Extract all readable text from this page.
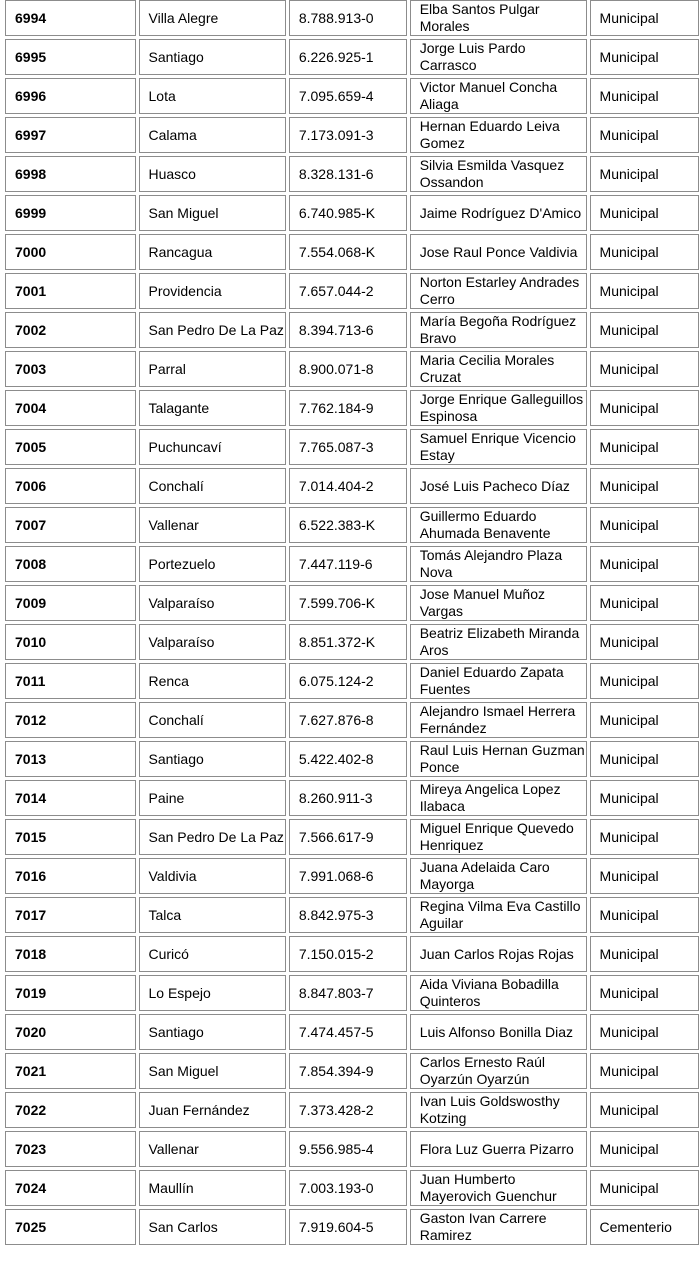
6994	Villa Alegre	8.788.913-0	Elba Santos Pulgar Morales	Municipal
6995	Santiago	6.226.925-1	Jorge Luis Pardo Carrasco	Municipal
6996	Lota	7.095.659-4	Victor Manuel Concha Aliaga	Municipal
6997	Calama	7.173.091-3	Hernan Eduardo Leiva Gomez	Municipal
6998	Huasco	8.328.131-6	Silvia Esmilda Vasquez Ossandon	Municipal
6999	San Miguel	6.740.985-K	Jaime Rodríguez D'Amico	Municipal
7000	Rancagua	7.554.068-K	Jose Raul Ponce Valdivia	Municipal
7001	Providencia	7.657.044-2	Norton Estarley Andrades Cerro	Municipal
7002	San Pedro De La Paz	8.394.713-6	María Begoña Rodríguez Bravo	Municipal
7003	Parral	8.900.071-8	Maria Cecilia Morales Cruzat	Municipal
7004	Talagante	7.762.184-9	Jorge Enrique Galleguillos Espinosa	Municipal
7005	Puchuncaví	7.765.087-3	Samuel Enrique Vicencio Estay	Municipal
7006	Conchalí	7.014.404-2	José Luis Pacheco Díaz	Municipal
7007	Vallenar	6.522.383-K	Guillermo Eduardo Ahumada Benavente	Municipal
7008	Portezuelo	7.447.119-6	Tomás Alejandro Plaza Nova	Municipal
7009	Valparaíso	7.599.706-K	Jose Manuel Muñoz Vargas	Municipal
7010	Valparaíso	8.851.372-K	Beatriz Elizabeth Miranda Aros	Municipal
7011	Renca	6.075.124-2	Daniel Eduardo Zapata Fuentes	Municipal
7012	Conchalí	7.627.876-8	Alejandro Ismael Herrera Fernández	Municipal
7013	Santiago	5.422.402-8	Raul Luis Hernan Guzman Ponce	Municipal
7014	Paine	8.260.911-3	Mireya Angelica Lopez Ilabaca	Municipal
7015	San Pedro De La Paz	7.566.617-9	Miguel Enrique Quevedo Henriquez	Municipal
7016	Valdivia	7.991.068-6	Juana Adelaida Caro Mayorga	Municipal
7017	Talca	8.842.975-3	Regina Vilma Eva Castillo Aguilar	Municipal
7018	Curicó	7.150.015-2	Juan Carlos Rojas Rojas	Municipal
7019	Lo Espejo	8.847.803-7	Aida Viviana Bobadilla Quinteros	Municipal
7020	Santiago	7.474.457-5	Luis Alfonso Bonilla Diaz	Municipal
7021	San Miguel	7.854.394-9	Carlos Ernesto Raúl Oyarzún Oyarzún	Municipal
7022	Juan Fernández	7.373.428-2	Ivan Luis Goldswosthy Kotzing	Municipal
7023	Vallenar	9.556.985-4	Flora Luz Guerra Pizarro	Municipal
7024	Maullín	7.003.193-0	Juan Humberto Mayerovich Guenchur	Municipal
7025	San Carlos	7.919.604-5	Gaston Ivan Carrere Ramirez	Cementerio
